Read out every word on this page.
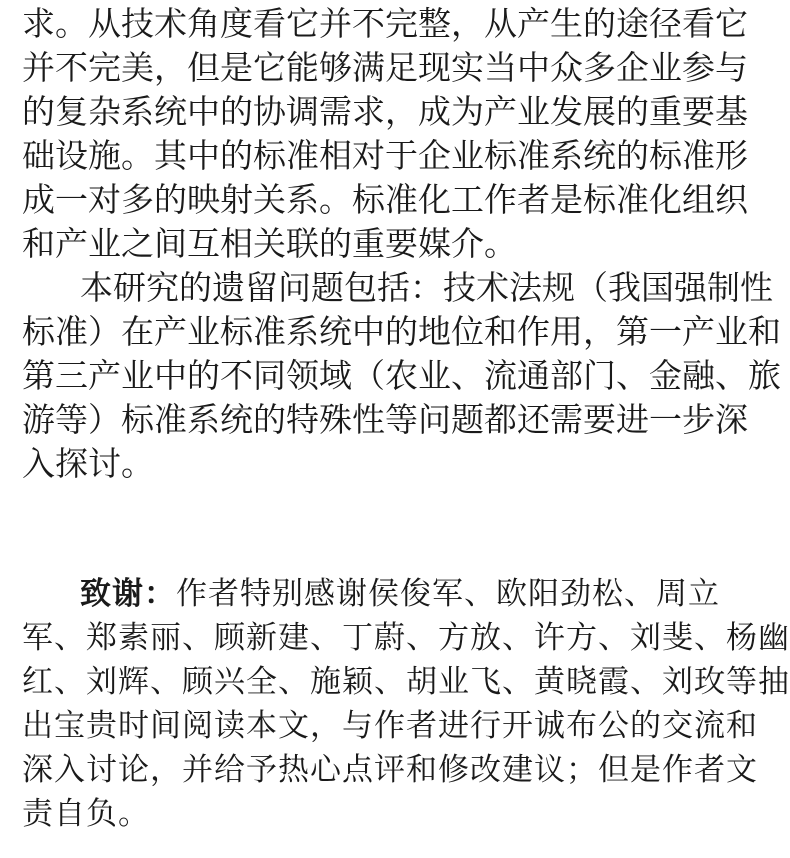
求。从技术角度看它并不完整，从产生的途径看它
并不完美，但是它能够满足现实当中众多企业参与
的复杂系统中的协调需求，成为产业发展的重要基
础设施。其中的标准相对于企业标准系统的标准形
成一对多的映射关系。标准化工作者是标准化组织
和产业之间互相关联的重要媒介。
本研究的遗留问题包括：技术法规（我国强制性
标准）在产业标准系统中的地位和作用，第一产业和
第三产业中的不同领域（农业、流通部门、金融、旅
游等）标准系统的特殊性等问题都还需要进一步深
入探讨。
致谢：作者特别感谢侯俊军、欧阳劲松、周立
军、郑素丽、顾新建、丁蔚、方放、许方、刘斐、杨幽
红、刘辉、顾兴全、施颖、胡业飞、黄晓霞、刘玫等抽
出宝贵时间阅读本文，与作者进行开诚布公的交流和
深入讨论，并给予热心点评和修改建议；但是作者文
责自负。
